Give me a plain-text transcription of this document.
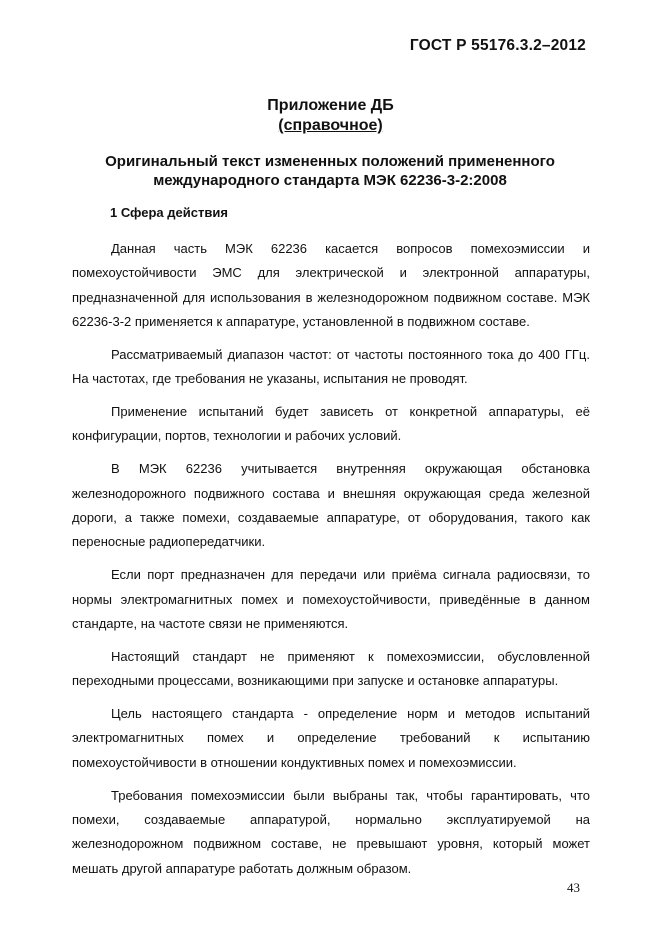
ГОСТ Р 55176.3.2–2012
Приложение ДБ
(справочное)
Оригинальный текст измененных положений примененного международного стандарта МЭК 62236-3-2:2008
1 Сфера действия

Данная часть МЭК 62236 касается вопросов помехоэмиссии и помехоустойчивости ЭМС для электрической и электронной аппаратуры, предназначенной для использования в железнодорожном подвижном составе. МЭК 62236-3-2 применяется к аппаратуре, установленной в подвижном составе.

Рассматриваемый диапазон частот: от частоты постоянного тока до 400 ГГц. На частотах, где требования не указаны, испытания не проводят.

Применение испытаний будет зависеть от конкретной аппаратуры, её конфигурации, портов, технологии и рабочих условий.

В МЭК 62236 учитывается внутренняя окружающая обстановка железнодорожного подвижного состава и внешняя окружающая среда железной дороги, а также помехи, создаваемые аппаратуре, от оборудования, такого как переносные радиопередатчики.

Если порт предназначен для передачи или приёма сигнала радиосвязи, то нормы электромагнитных помех и помехоустойчивости, приведённые в данном стандарте, на частоте связи не применяются.

Настоящий стандарт не применяют к помехоэмиссии, обусловленной переходными процессами, возникающими при запуске и остановке аппаратуры.

Цель настоящего стандарта - определение норм и методов испытаний электромагнитных помех и определение требований к испытанию помехоустойчивости в отношении кондуктивных помех и помехоэмиссии.

Требования помехоэмиссии были выбраны так, чтобы гарантировать, что помехи, создаваемые аппаратурой, нормально эксплуатируемой на железнодорожном подвижном составе, не превышают уровня, который может мешать другой аппаратуре работать должным образом.

43
